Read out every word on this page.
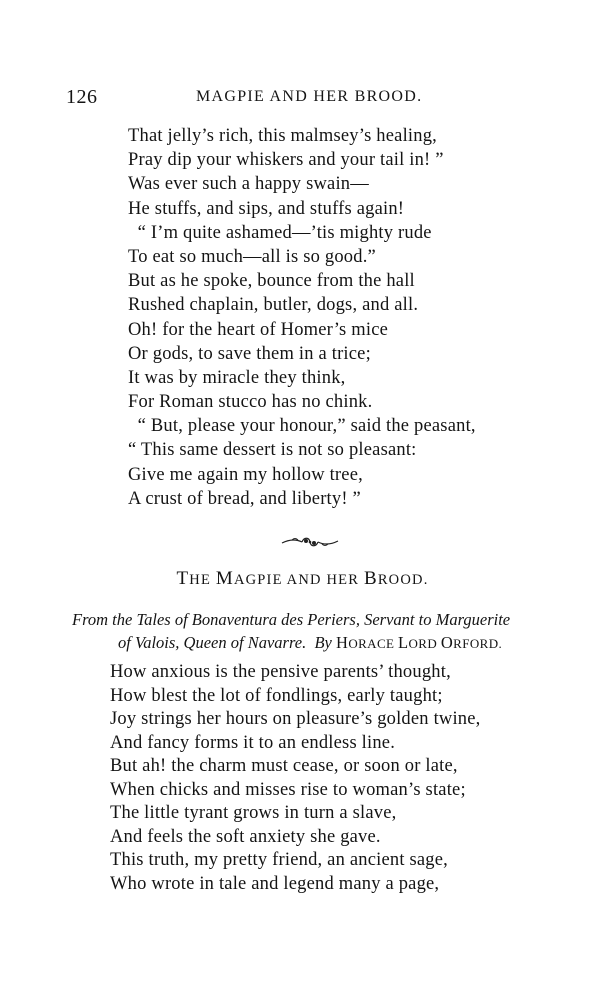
126	MAGPIE AND HER BROOD.
That jelly’s rich, this malmsey’s healing,
Pray dip your whiskers and your tail in! ”
Was ever such a happy swain—
He stuffs, and sips, and stuffs again!
“ I’m quite ashamed—’tis mighty rude
To eat so much—all is so good.”
But as he spoke, bounce from the hall
Rushed chaplain, butler, dogs, and all.
Oh! for the heart of Homer’s mice
Or gods, to save them in a trice;
It was by miracle they think,
For Roman stucco has no chink.
“ But, please your honour,” said the peasant,
“ This same dessert is not so pleasant:
Give me again my hollow tree,
A crust of bread, and liberty! ”
THE MAGPIE AND HER BROOD.
From the Tales of Bonaventura des Periers, Servant to Marguerite
of Valois, Queen of Navarre. By HORACE LORD ORFORD.
How anxious is the pensive parents’ thought,
How blest the lot of fondlings, early taught;
Joy strings her hours on pleasure’s golden twine,
And fancy forms it to an endless line.
But ah! the charm must cease, or soon or late,
When chicks and misses rise to woman’s state;
The little tyrant grows in turn a slave,
And feels the soft anxiety she gave.
This truth, my pretty friend, an ancient sage,
Who wrote in tale and legend many a page,
